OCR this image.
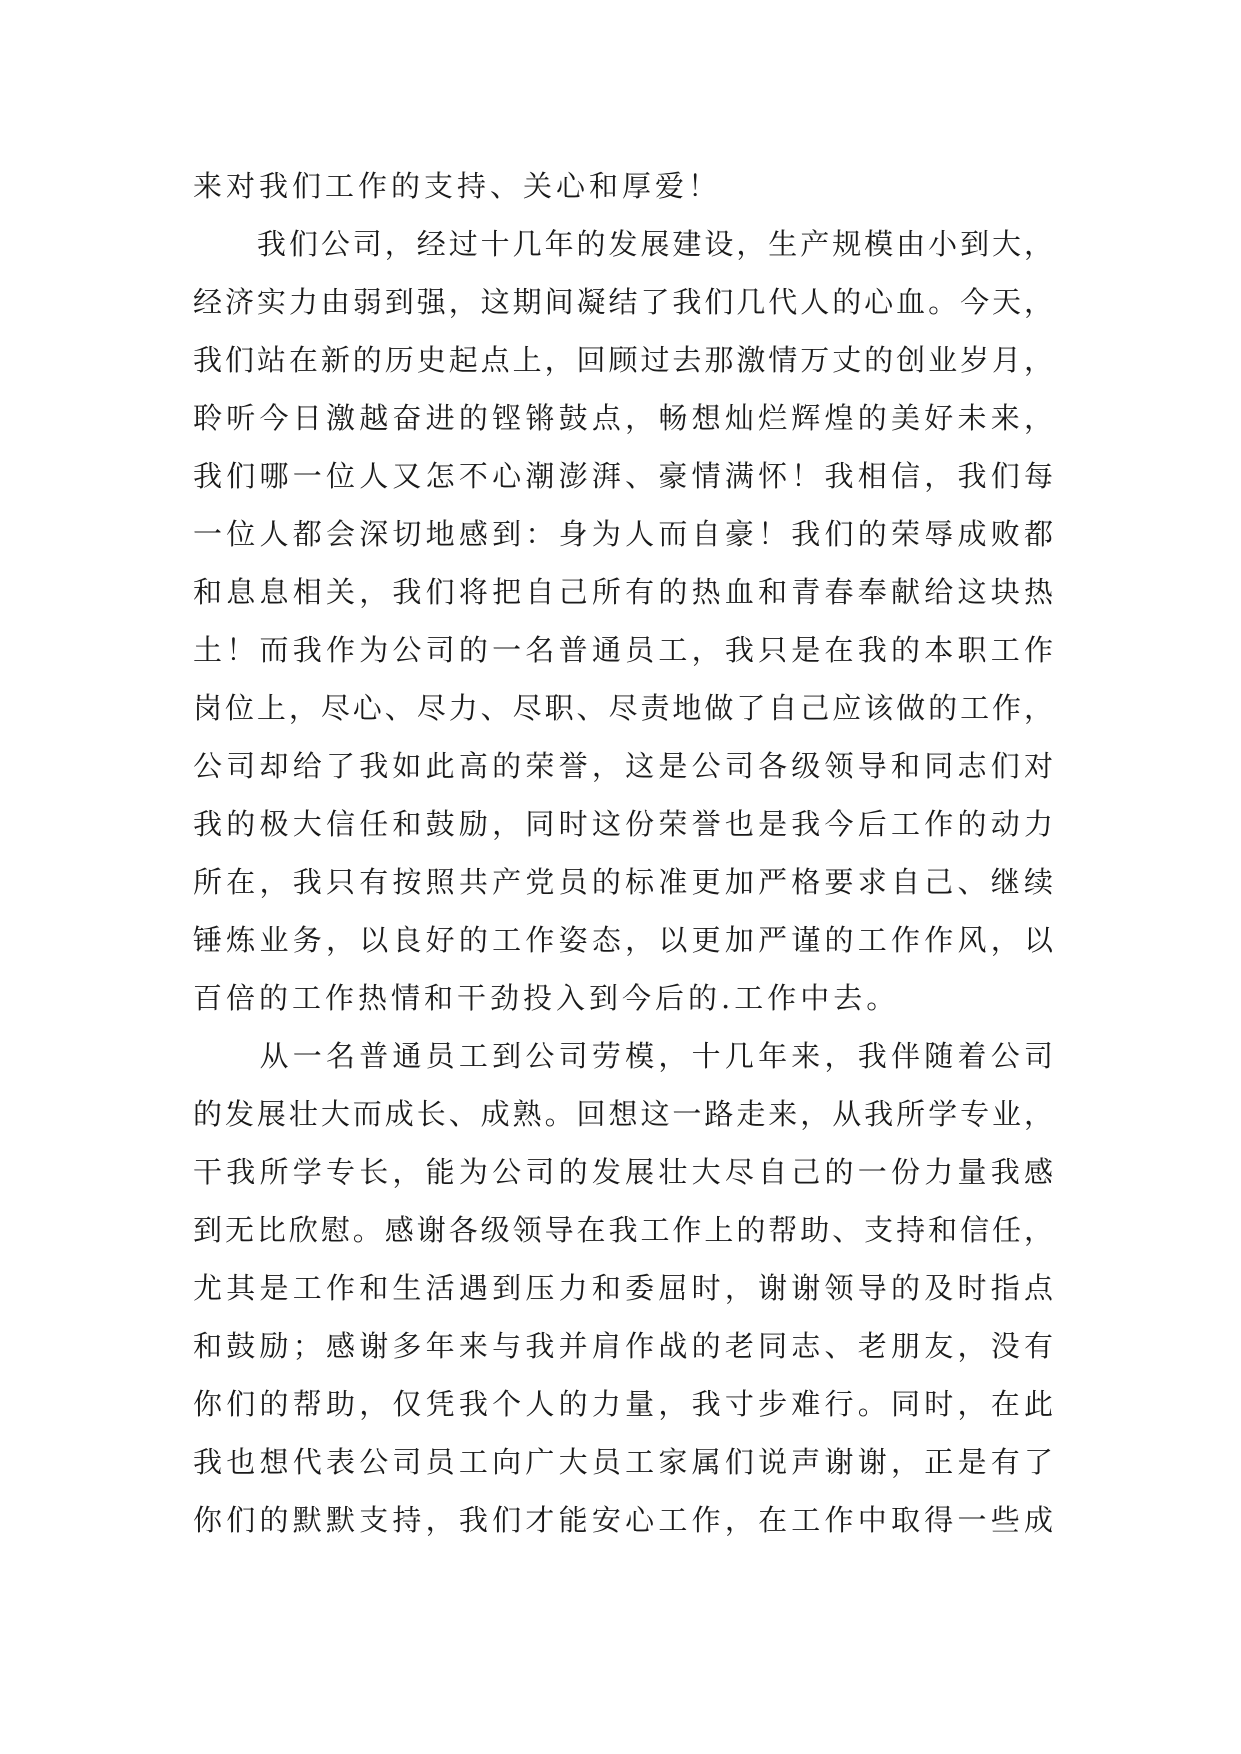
来对我们工作的支持、关心和厚爱！
　　我们公司，经过十几年的发展建设，生产规模由小到大，
经济实力由弱到强，这期间凝结了我们几代人的心血。今天，
我们站在新的历史起点上，回顾过去那激情万丈的创业岁月，
聆听今日激越奋进的铿锵鼓点，畅想灿烂辉煌的美好未来，
我们哪一位人又怎不心潮澎湃、豪情满怀！我相信，我们每
一位人都会深切地感到：身为人而自豪！我们的荣辱成败都
和息息相关，我们将把自己所有的热血和青春奉献给这块热
土！而我作为公司的一名普通员工，我只是在我的本职工作
岗位上，尽心、尽力、尽职、尽责地做了自己应该做的工作，
公司却给了我如此高的荣誉，这是公司各级领导和同志们对
我的极大信任和鼓励，同时这份荣誉也是我今后工作的动力
所在，我只有按照共产党员的标准更加严格要求自己、继续
锤炼业务，以良好的工作姿态，以更加严谨的工作作风，以
百倍的工作热情和干劲投入到今后的.工作中去。
　　从一名普通员工到公司劳模，十几年来，我伴随着公司
的发展壮大而成长、成熟。回想这一路走来，从我所学专业，
干我所学专长，能为公司的发展壮大尽自己的一份力量我感
到无比欣慰。感谢各级领导在我工作上的帮助、支持和信任，
尤其是工作和生活遇到压力和委屈时，谢谢领导的及时指点
和鼓励；感谢多年来与我并肩作战的老同志、老朋友，没有
你们的帮助，仅凭我个人的力量，我寸步难行。同时，在此
我也想代表公司员工向广大员工家属们说声谢谢，正是有了
你们的默默支持，我们才能安心工作，在工作中取得一些成
